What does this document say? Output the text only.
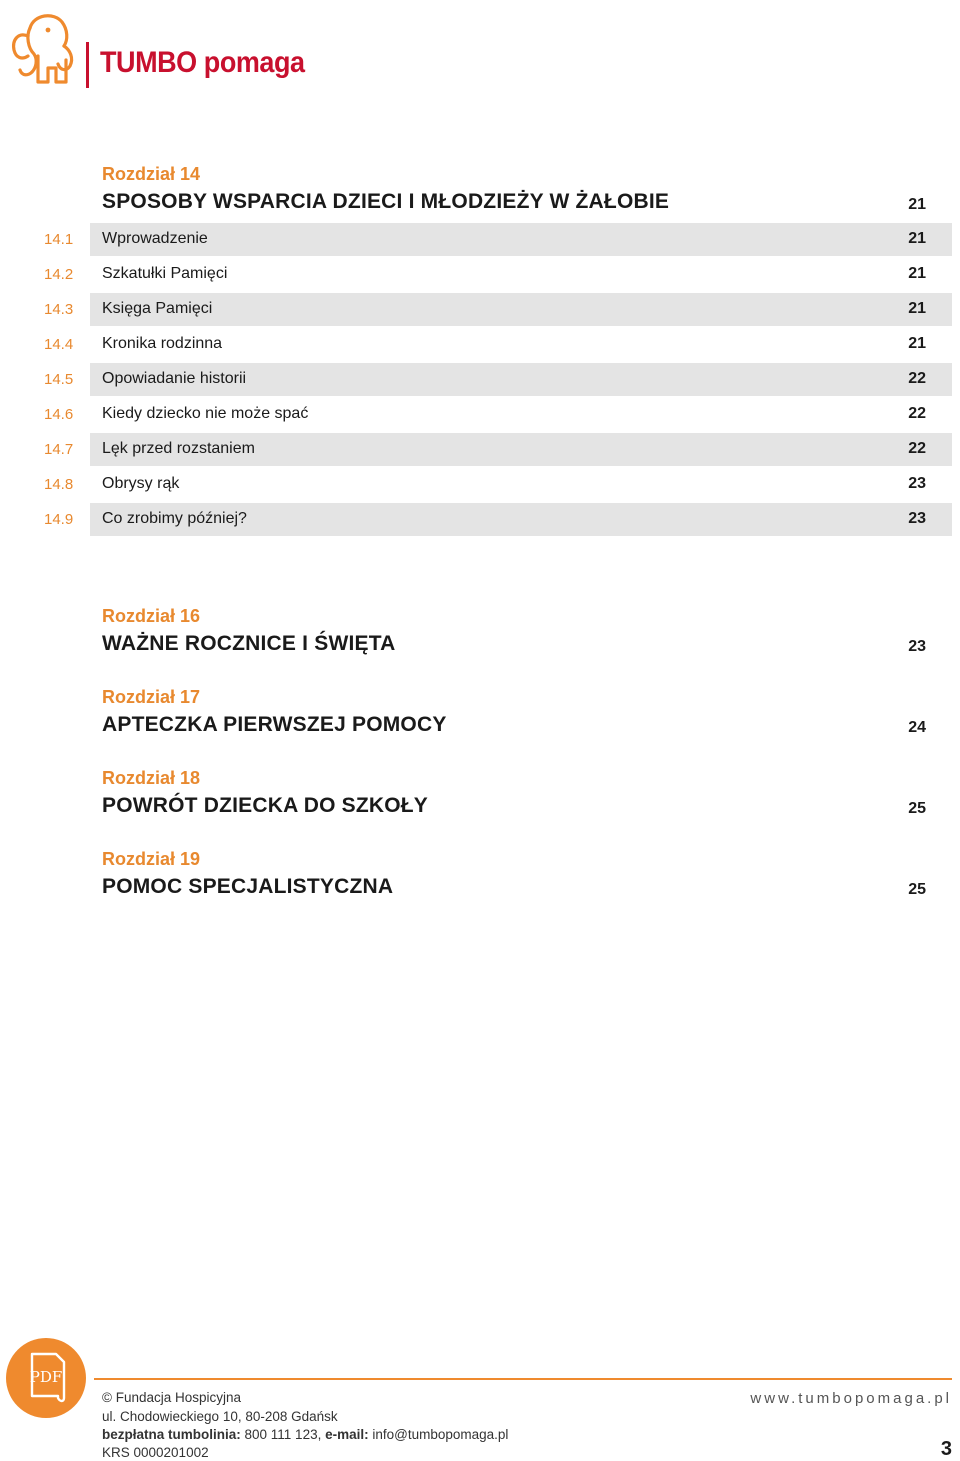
TUMBO pomaga
Rozdział 14
SPOSOBY WSPARCIA DZIECI I MŁODZIEŻY W ŻAŁOBIE	21
14.1 Wprowadzenie	21
14.2 Szkatułki Pamięci	21
14.3 Księga Pamięci	21
14.4 Kronika rodzinna	21
14.5 Opowiadanie historii	22
14.6 Kiedy dziecko nie może spać	22
14.7 Lęk przed rozstaniem	22
14.8 Obrysy rąk	23
14.9 Co zrobimy później?	23
Rozdział 16
WAŻNE ROCZNICE I ŚWIĘTA	23
Rozdział 17
APTECZKA PIERWSZEJ POMOCY	24
Rozdział 18
POWRÓT DZIECKA DO SZKOŁY	25
Rozdział 19
POMOC SPECJALISTYCZNA	25
PDF
© Fundacja Hospicyjna
ul. Chodowieckiego 10, 80-208 Gdańsk
bezpłatna tumbolinia: 800 111 123, e-mail: info@tumbopomaga.pl
KRS 0000201002
www.tumbopomaga.pl
3
